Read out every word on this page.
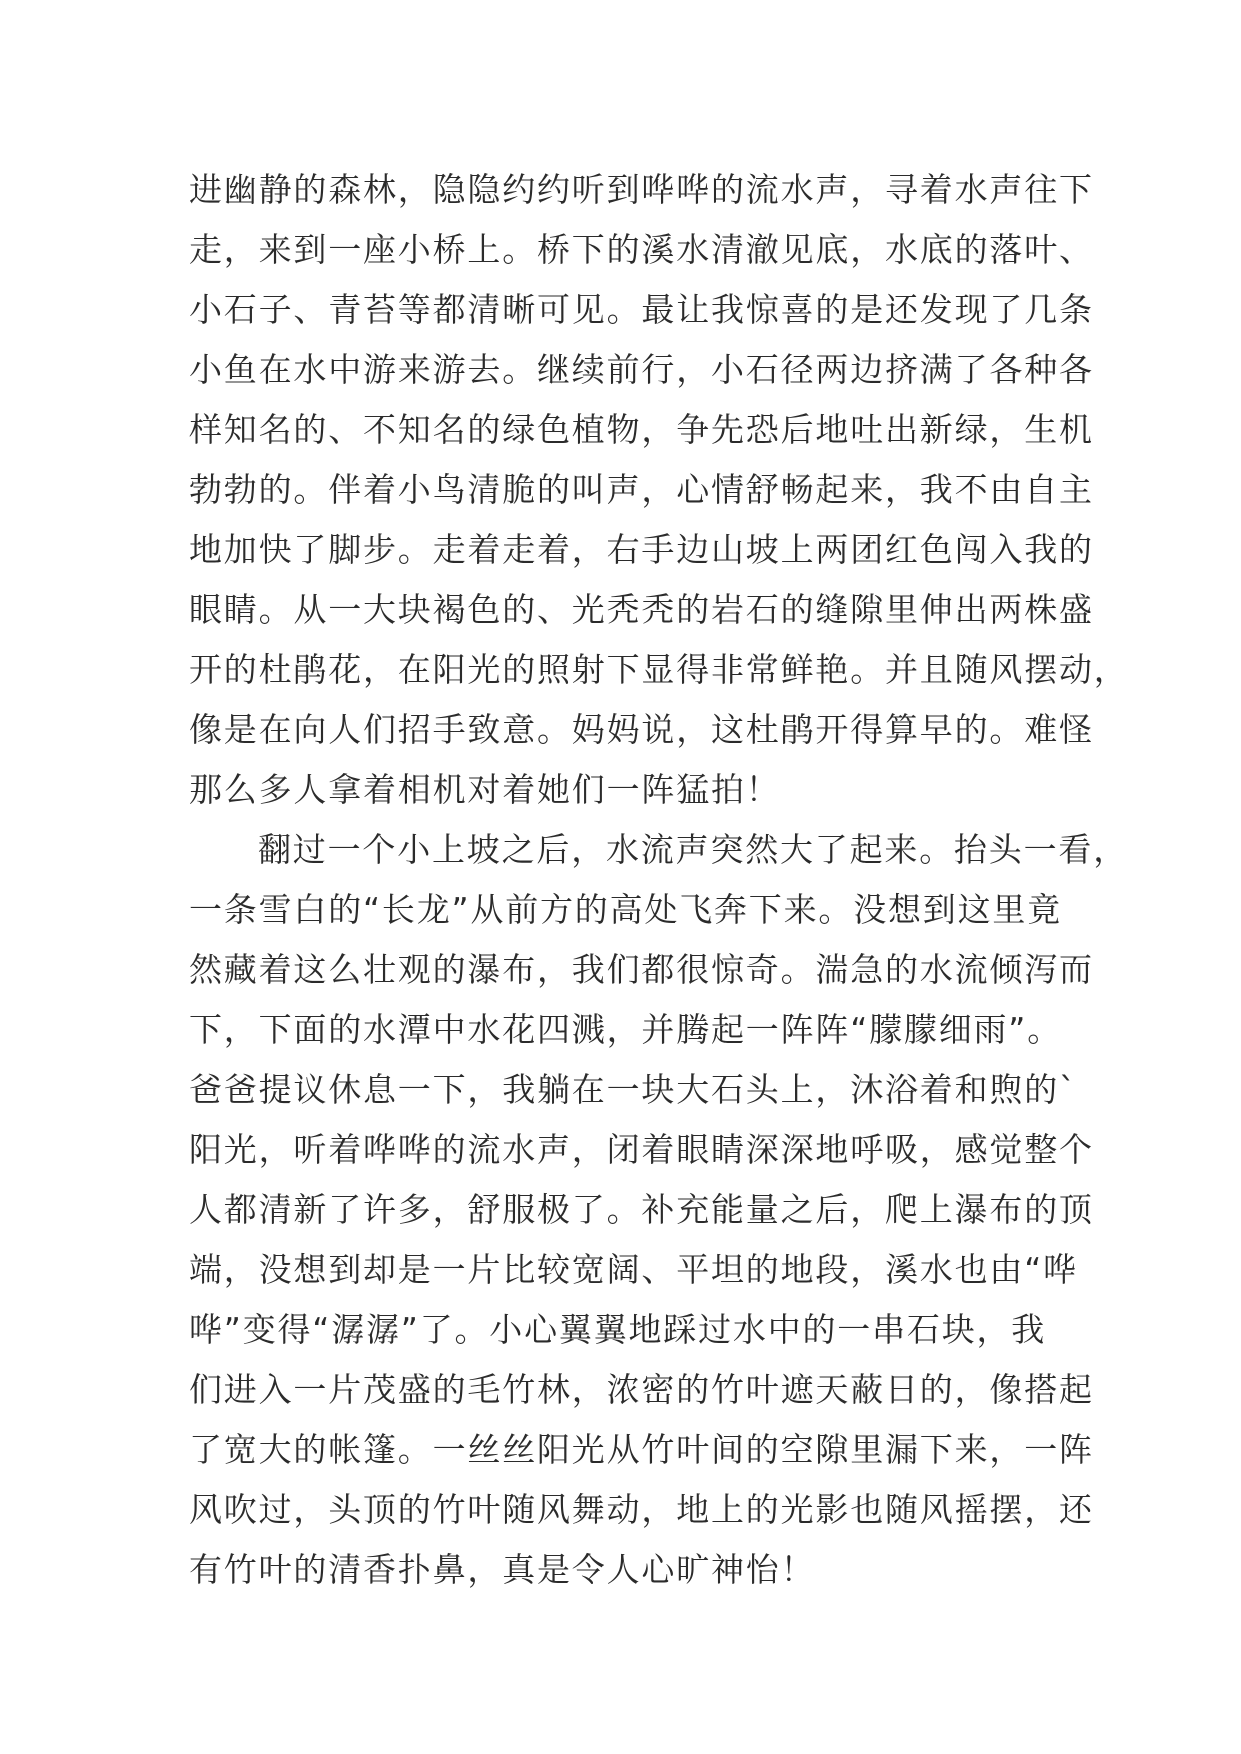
进幽静的森林，隐隐约约听到哗哗的流水声，寻着水声往下
走，来到一座小桥上。桥下的溪水清澈见底，水底的落叶、
小石子、青苔等都清晰可见。最让我惊喜的是还发现了几条
小鱼在水中游来游去。继续前行，小石径两边挤满了各种各
样知名的、不知名的绿色植物，争先恐后地吐出新绿，生机
勃勃的。伴着小鸟清脆的叫声，心情舒畅起来，我不由自主
地加快了脚步。走着走着，右手边山坡上两团红色闯入我的
眼睛。从一大块褐色的、光秃秃的岩石的缝隙里伸出两株盛
开的杜鹃花，在阳光的照射下显得非常鲜艳。并且随风摆动，
像是在向人们招手致意。妈妈说，这杜鹃开得算早的。难怪
那么多人拿着相机对着她们一阵猛拍！
翻过一个小上坡之后，水流声突然大了起来。抬头一看，
一条雪白的“长龙”从前方的高处飞奔下来。没想到这里竟
然藏着这么壮观的瀑布，我们都很惊奇。湍急的水流倾泻而
下，下面的水潭中水花四溅，并腾起一阵阵“朦朦细雨”。
爸爸提议休息一下，我躺在一块大石头上，沐浴着和煦的`
阳光，听着哗哗的流水声，闭着眼睛深深地呼吸，感觉整个
人都清新了许多，舒服极了。补充能量之后，爬上瀑布的顶
端，没想到却是一片比较宽阔、平坦的地段，溪水也由“哗
哗”变得“潺潺”了。小心翼翼地踩过水中的一串石块，我
们进入一片茂盛的毛竹林，浓密的竹叶遮天蔽日的，像搭起
了宽大的帐篷。一丝丝阳光从竹叶间的空隙里漏下来，一阵
风吹过，头顶的竹叶随风舞动，地上的光影也随风摇摆，还
有竹叶的清香扑鼻，真是令人心旷神怡！
